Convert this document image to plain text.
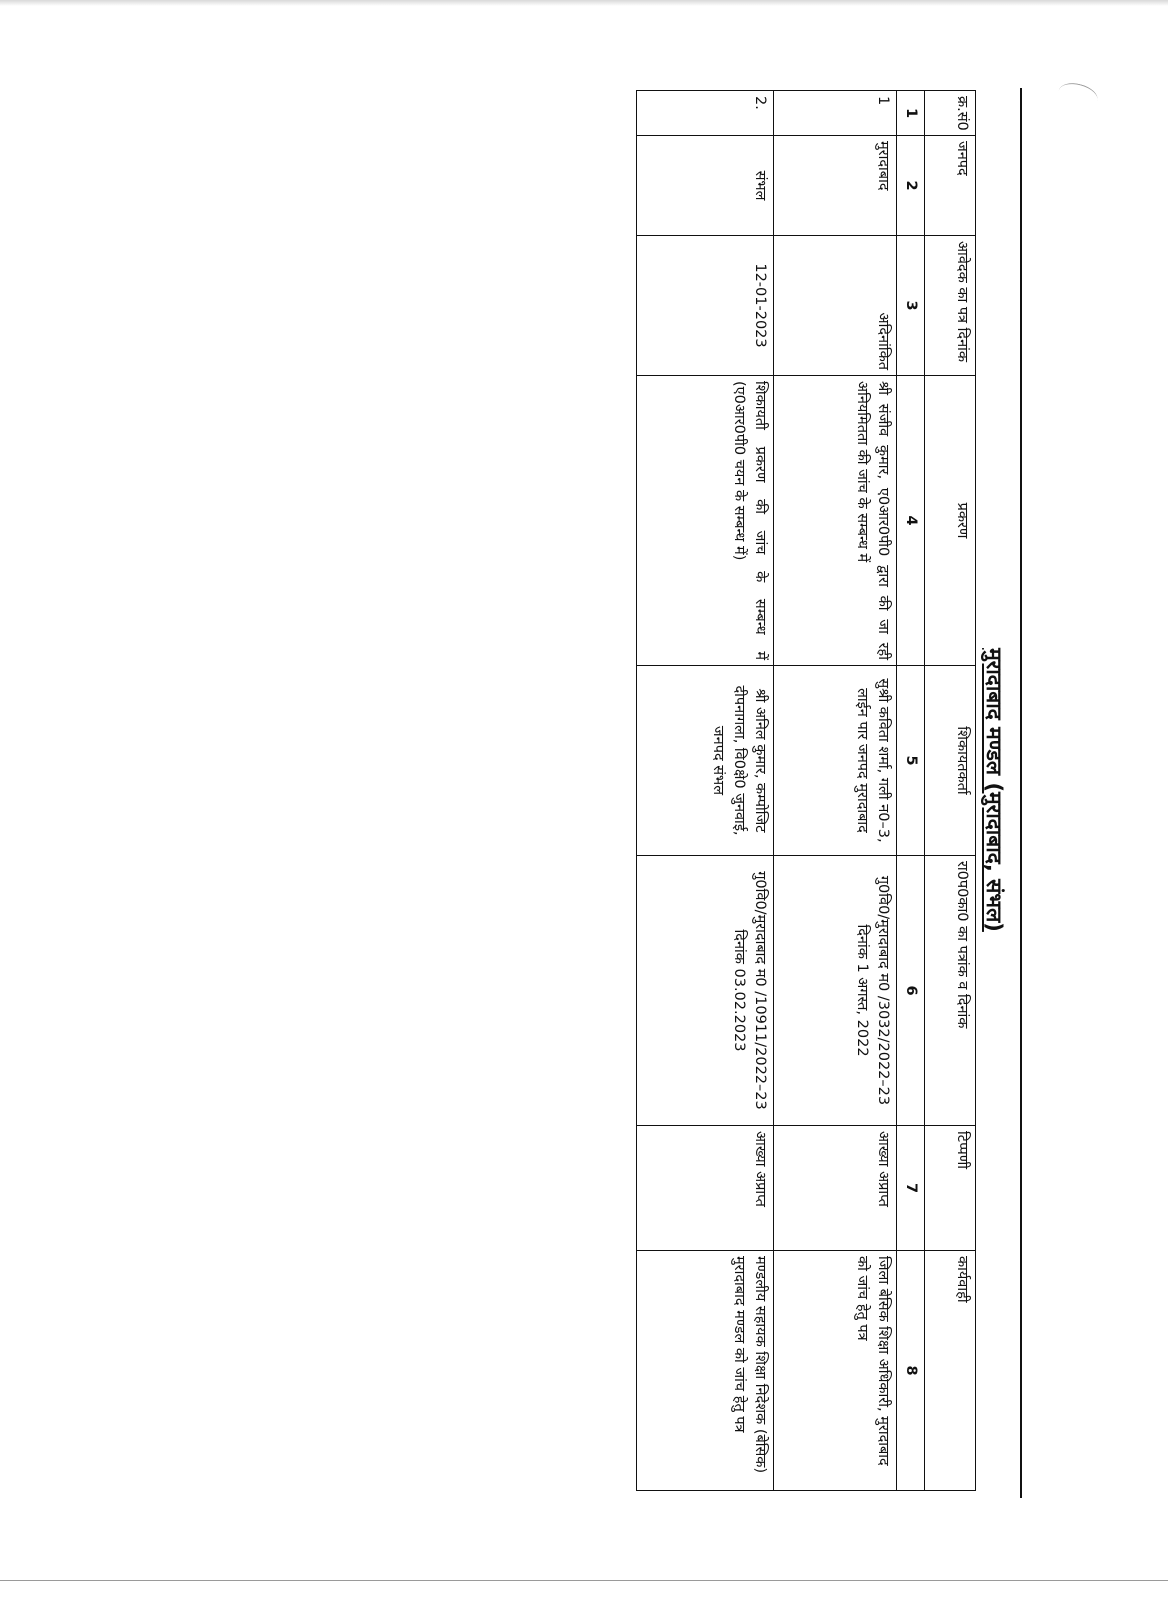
मुरादाबाद मण्डल (मुरादाबाद, संभल)
क्र.सं0	जनपद	आवेदक का पत्र दिनांक	प्रकरण	शिकायतकर्ता	रा0प0का0 का पत्रांक व दिनांक	टिप्पणी	कार्यवाही
1	2	3	4	5	6	7	8
1	मुरादाबाद	अदिनांकित	श्री संजीव कुमार, ए0आर0पी0 द्वारा की जा रही अनियमितता की जांच के सम्बन्ध में	सुश्री कविता शर्मा, गली न0–3, लाईन पार जनपद मुरादाबाद	गु0वि0/मुरादाबाद म0 /3032/2022–23 दिनांक 1 अगस्त, 2022	आख्या अप्राप्त	जिला बेसिक शिक्षा अधिकारी, मुरादाबाद को जांच हेतु पत्र
2.	संभल	12-01-2023	शिकायती प्रकरण की जांच के सम्बन्ध में (ए0आर0पी0 चयन के सम्बन्ध में)	श्री अनिल कुमार, कम्पोजिट दीपनागला, वि0क्षे0 जुनवाई, जनपद संभल	गु0वि0/मुरादाबाद म0 /10911/2022–23 दिनांक 03.02.2023	आख्या अप्राप्त	मण्डलीय सहायक शिक्षा निदेशक (बेसिक) मुरादाबाद मण्डल को जांच हेतु पत्र
